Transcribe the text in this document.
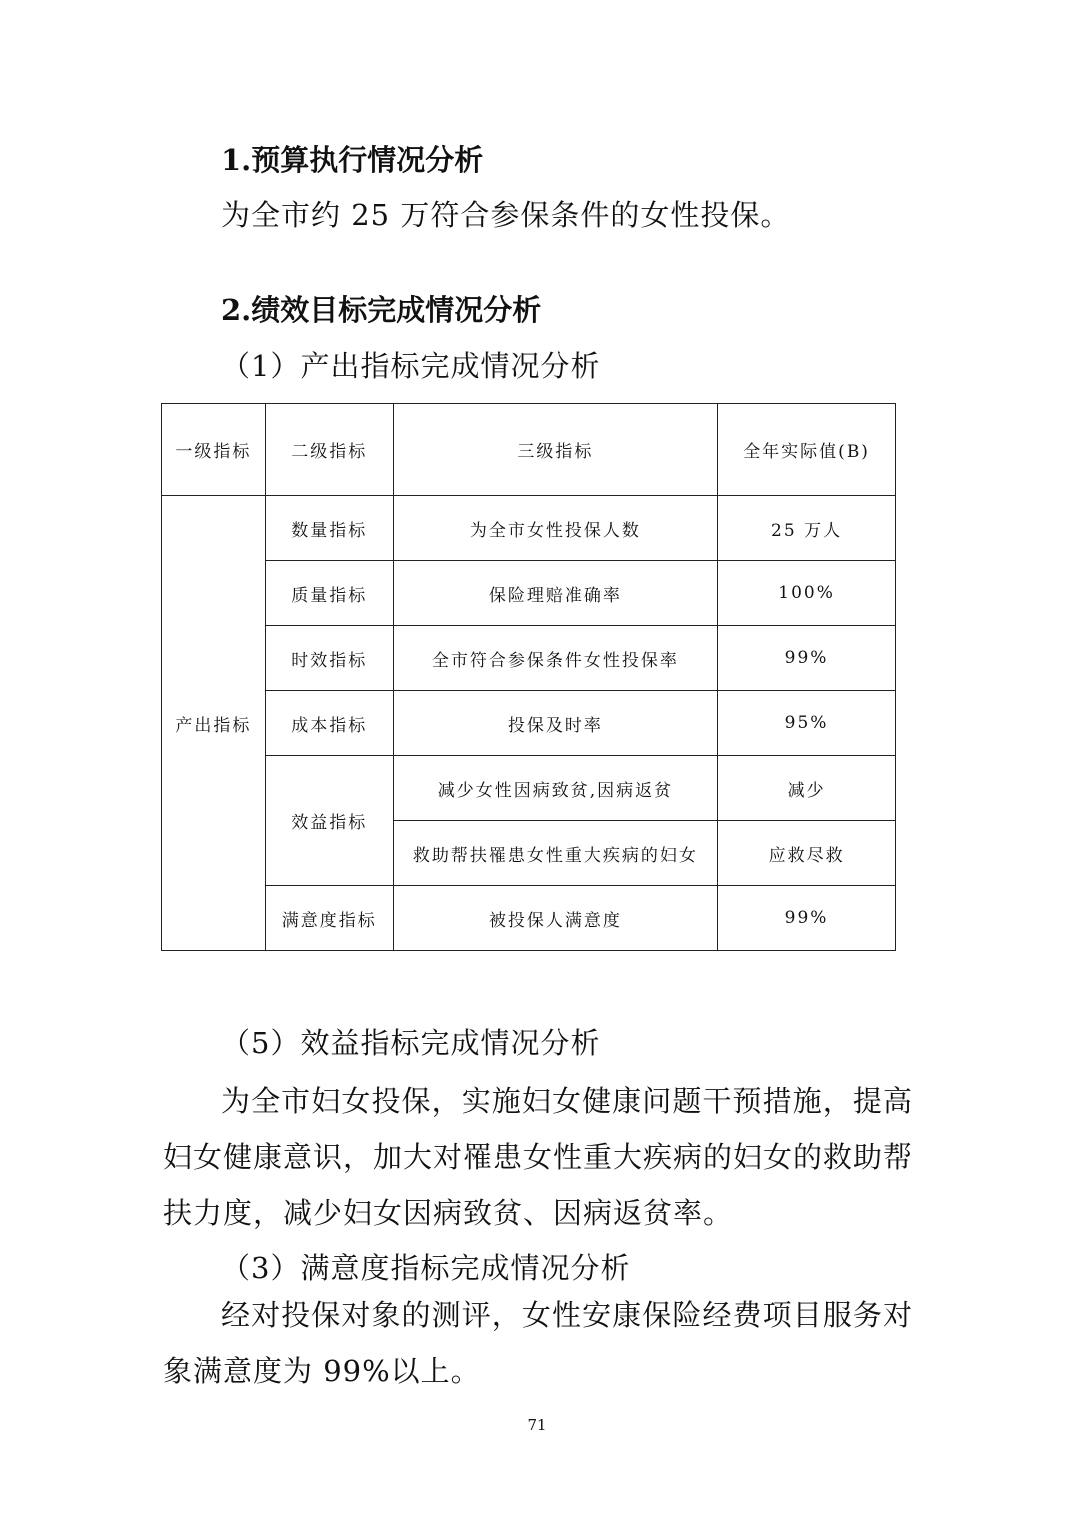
1.预算执行情况分析
为全市约 25 万符合参保条件的女性投保。
2.绩效目标完成情况分析
（1）产出指标完成情况分析
一级指标	二级指标	三级指标	全年实际值(B)
产出指标	数量指标	为全市女性投保人数	25 万人
	质量指标	保险理赔准确率	100%
	时效指标	全市符合参保条件女性投保率	99%
	成本指标	投保及时率	95%
	效益指标	减少女性因病致贫,因病返贫	减少
		救助帮扶罹患女性重大疾病的妇女	应救尽救
	满意度指标	被投保人满意度	99%
（5）效益指标完成情况分析
为全市妇女投保，实施妇女健康问题干预措施，提高妇女健康意识，加大对罹患女性重大疾病的妇女的救助帮扶力度，减少妇女因病致贫、因病返贫率。
（3）满意度指标完成情况分析
经对投保对象的测评，女性安康保险经费项目服务对象满意度为 99%以上。
71
